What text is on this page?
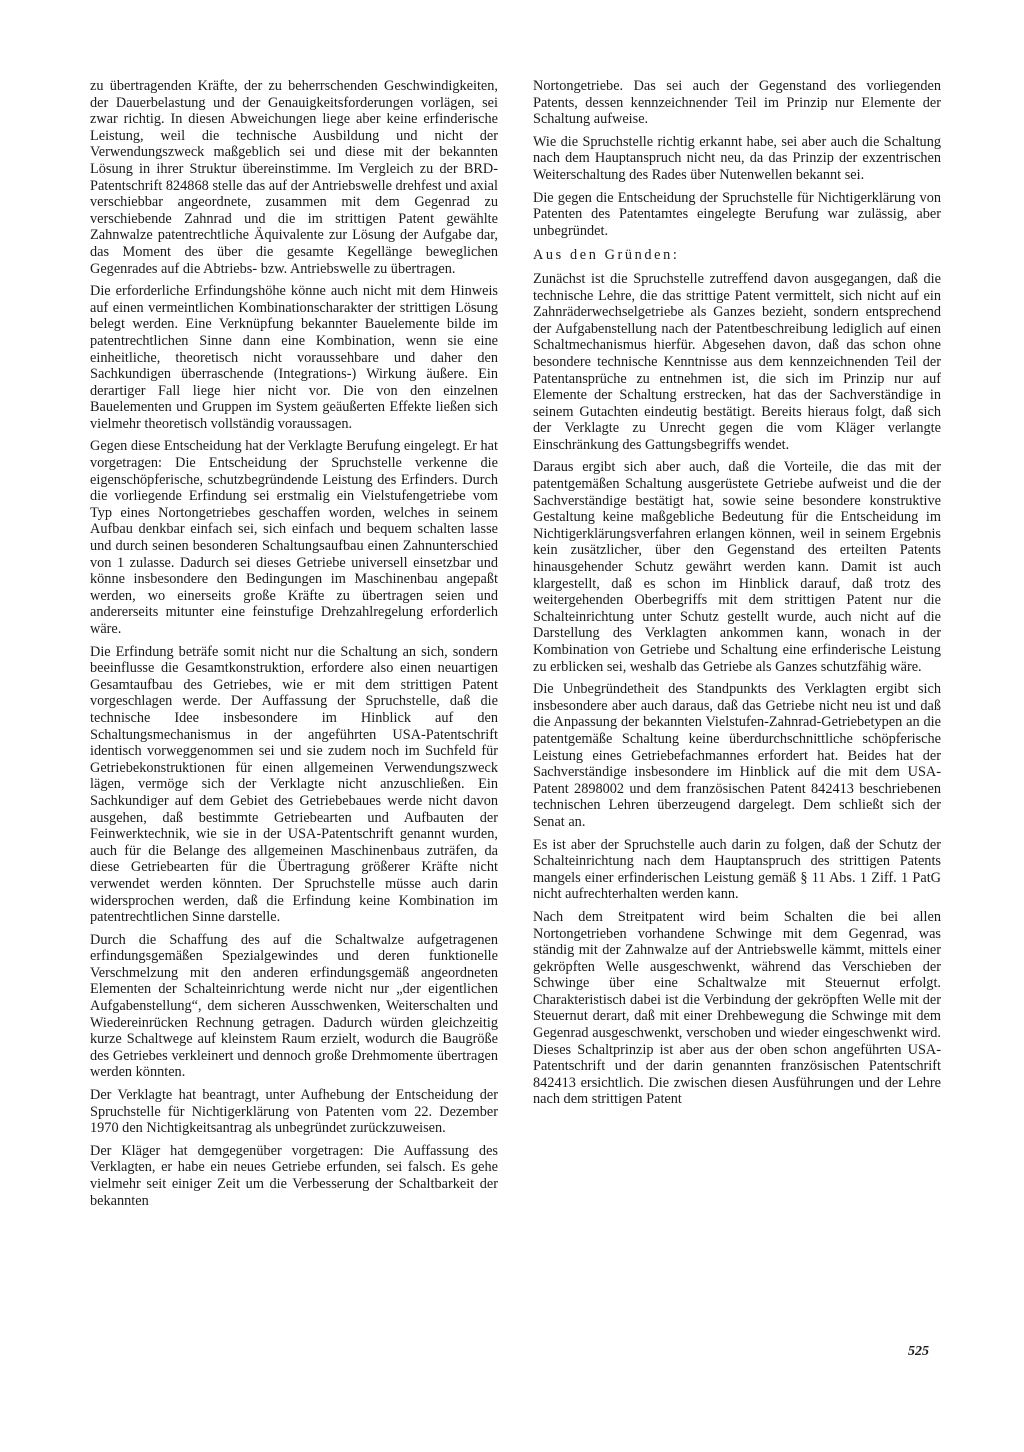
zu übertragenden Kräfte, der zu beherrschenden Geschwindigkeiten, der Dauerbelastung und der Genauigkeitsforderungen vorlägen, sei zwar richtig. In diesen Abweichungen liege aber keine erfinderische Leistung, weil die technische Ausbildung und nicht der Verwendungszweck maßgeblich sei und diese mit der bekannten Lösung in ihrer Struktur übereinstimme. Im Vergleich zu der BRD-Patentschrift 824868 stelle das auf der Antriebswelle drehfest und axial verschiebbar angeordnete, zusammen mit dem Gegenrad zu verschiebende Zahnrad und die im strittigen Patent gewählte Zahnwalze patentrechtliche Äquivalente zur Lösung der Aufgabe dar, das Moment des über die gesamte Kegellänge beweglichen Gegenrades auf die Abtriebs- bzw. Antriebswelle zu übertragen.

Die erforderliche Erfindungshöhe könne auch nicht mit dem Hinweis auf einen vermeintlichen Kombinationscharakter der strittigen Lösung belegt werden. Eine Verknüpfung bekannter Bauelemente bilde im patentrechtlichen Sinne dann eine Kombination, wenn sie eine einheitliche, theoretisch nicht voraussehbare und daher den Sachkundigen überraschende (Integrations-) Wirkung äußere. Ein derartiger Fall liege hier nicht vor. Die von den einzelnen Bauelementen und Gruppen im System geäußerten Effekte ließen sich vielmehr theoretisch vollständig voraussagen.

Gegen diese Entscheidung hat der Verklagte Berufung eingelegt. Er hat vorgetragen: Die Entscheidung der Spruchstelle verkenne die eigenschöpferische, schutzbegründende Leistung des Erfinders. Durch die vorliegende Erfindung sei erstmalig ein Vielstufengetriebe vom Typ eines Nortongetriebes geschaffen worden, welches in seinem Aufbau denkbar einfach sei, sich einfach und bequem schalten lasse und durch seinen besonderen Schaltungsaufbau einen Zahnunterschied von 1 zulasse. Dadurch sei dieses Getriebe universell einsetzbar und könne insbesondere den Bedingungen im Maschinenbau angepaßt werden, wo einerseits große Kräfte zu übertragen seien und andererseits mitunter eine feinstufige Drehzahlregelung erforderlich wäre.

Die Erfindung beträfe somit nicht nur die Schaltung an sich, sondern beeinflusse die Gesamtkonstruktion, erfordere also einen neuartigen Gesamtaufbau des Getriebes, wie er mit dem strittigen Patent vorgeschlagen werde. Der Auffassung der Spruchstelle, daß die technische Idee insbesondere im Hinblick auf den Schaltungsmechanismus in der angeführten USA-Patentschrift identisch vorweggenommen sei und sie zudem noch im Suchfeld für Getriebekonstruktionen für einen allgemeinen Verwendungszweck lägen, vermöge sich der Verklagte nicht anzuschließen. Ein Sachkundiger auf dem Gebiet des Getriebebaues werde nicht davon ausgehen, daß bestimmte Getriebearten und Aufbauten der Feinwerktechnik, wie sie in der USA-Patentschrift genannt wurden, auch für die Belange des allgemeinen Maschinenbaus zuträfen, da diese Getriebearten für die Übertragung größerer Kräfte nicht verwendet werden könnten. Der Spruchstelle müsse auch darin widersprochen werden, daß die Erfindung keine Kombination im patentrechtlichen Sinne darstelle.

Durch die Schaffung des auf die Schaltwalze aufgetragenen erfindungsgemäßen Spezialgewindes und deren funktionelle Verschmelzung mit den anderen erfindungsgemäß angeordneten Elementen der Schalteinrichtung werde nicht nur „der eigentlichen Aufgabenstellung“, dem sicheren Ausschwenken, Weiterschalten und Wiedereinrücken Rechnung getragen. Dadurch würden gleichzeitig kurze Schaltwege auf kleinstem Raum erzielt, wodurch die Baugröße des Getriebes verkleinert und dennoch große Drehmomente übertragen werden könnten.

Der Verklagte hat beantragt, unter Aufhebung der Entscheidung der Spruchstelle für Nichtigerklärung von Patenten vom 22. Dezember 1970 den Nichtigkeitsantrag als unbegründet zurückzuweisen.

Der Kläger hat demgegenüber vorgetragen: Die Auffassung des Verklagten, er habe ein neues Getriebe erfunden, sei falsch. Es gehe vielmehr seit einiger Zeit um die Verbesserung der Schaltbarkeit der bekannten

Nortongetriebe. Das sei auch der Gegenstand des vorliegenden Patents, dessen kennzeichnender Teil im Prinzip nur Elemente der Schaltung aufweise.

Wie die Spruchstelle richtig erkannt habe, sei aber auch die Schaltung nach dem Hauptanspruch nicht neu, da das Prinzip der exzentrischen Weiterschaltung des Rades über Nutenwellen bekannt sei.

Die gegen die Entscheidung der Spruchstelle für Nichtigerklärung von Patenten des Patentamtes eingelegte Berufung war zulässig, aber unbegründet.

Aus den Gründen:

Zunächst ist die Spruchstelle zutreffend davon ausgegangen, daß die technische Lehre, die das strittige Patent vermittelt, sich nicht auf ein Zahnräderwechselgetriebe als Ganzes bezieht, sondern entsprechend der Aufgabenstellung nach der Patentbeschreibung lediglich auf einen Schaltmechanismus hierfür. Abgesehen davon, daß das schon ohne besondere technische Kenntnisse aus dem kennzeichnenden Teil der Patentansprüche zu entnehmen ist, die sich im Prinzip nur auf Elemente der Schaltung erstrecken, hat das der Sachverständige in seinem Gutachten eindeutig bestätigt. Bereits hieraus folgt, daß sich der Verklagte zu Unrecht gegen die vom Kläger verlangte Einschränkung des Gattungsbegriffs wendet.

Daraus ergibt sich aber auch, daß die Vorteile, die das mit der patentgemäßen Schaltung ausgerüstete Getriebe aufweist und die der Sachverständige bestätigt hat, sowie seine besondere konstruktive Gestaltung keine maßgebliche Bedeutung für die Entscheidung im Nichtigerklärungsverfahren erlangen können, weil in seinem Ergebnis kein zusätzlicher, über den Gegenstand des erteilten Patents hinausgehender Schutz gewährt werden kann. Damit ist auch klargestellt, daß es schon im Hinblick darauf, daß trotz des weitergehenden Oberbegriffs mit dem strittigen Patent nur die Schalteinrichtung unter Schutz gestellt wurde, auch nicht auf die Darstellung des Verklagten ankommen kann, wonach in der Kombination von Getriebe und Schaltung eine erfinderische Leistung zu erblicken sei, weshalb das Getriebe als Ganzes schutzfähig wäre.

Die Unbegründetheit des Standpunkts des Verklagten ergibt sich insbesondere aber auch daraus, daß das Getriebe nicht neu ist und daß die Anpassung der bekannten Vielstufen-Zahnrad-Getriebetypen an die patentgemäße Schaltung keine überdurchschnittliche schöpferische Leistung eines Getriebefachmannes erfordert hat. Beides hat der Sachverständige insbesondere im Hinblick auf die mit dem USA-Patent 2898002 und dem französischen Patent 842413 beschriebenen technischen Lehren überzeugend dargelegt. Dem schließt sich der Senat an.

Es ist aber der Spruchstelle auch darin zu folgen, daß der Schutz der Schalteinrichtung nach dem Hauptanspruch des strittigen Patents mangels einer erfinderischen Leistung gemäß § 11 Abs. 1 Ziff. 1 PatG nicht aufrechterhalten werden kann.

Nach dem Streitpatent wird beim Schalten die bei allen Nortongetrieben vorhandene Schwinge mit dem Gegenrad, was ständig mit der Zahnwalze auf der Antriebswelle kämmt, mittels einer gekröpften Welle ausgeschwenkt, während das Verschieben der Schwinge über eine Schaltwalze mit Steuernut erfolgt. Charakteristisch dabei ist die Verbindung der gekröpften Welle mit der Steuernut derart, daß mit einer Drehbewegung die Schwinge mit dem Gegenrad ausgeschwenkt, verschoben und wieder eingeschwenkt wird. Dieses Schaltprinzip ist aber aus der oben schon angeführten USA-Patentschrift und der darin genannten französischen Patentschrift 842413 ersichtlich. Die zwischen diesen Ausführungen und der Lehre nach dem strittigen Patent

525
